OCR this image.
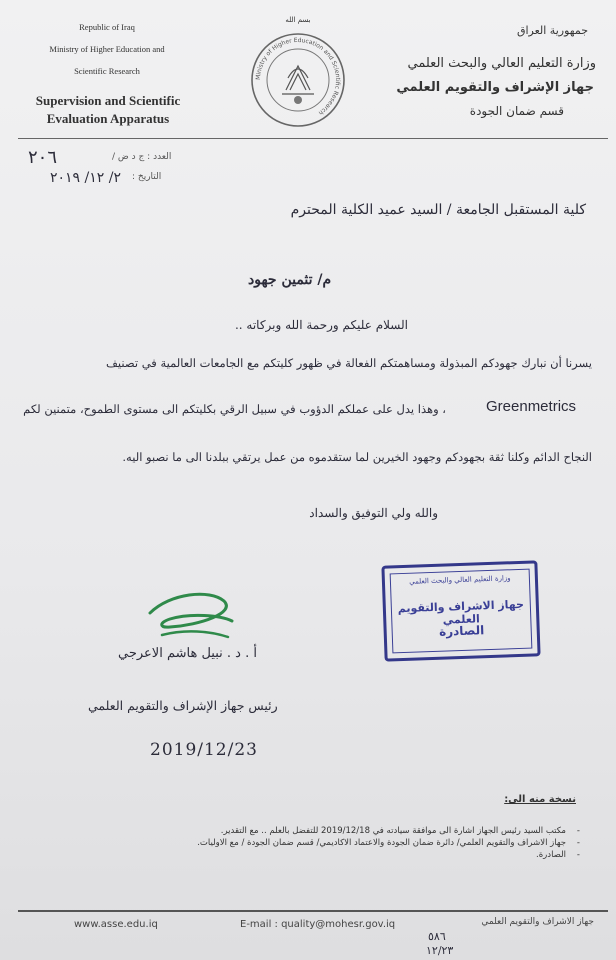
Republic of Iraq
Ministry of Higher Education and
Scientific Research
Supervision and Scientific
Evaluation Apparatus
بسم الله
Ministry of Higher Education and Scientific Research
جمهورية العراق
وزارة التعليم العالي والبحث العلمي
جهاز الإشراف والتقويم العلمي
قسم ضمان الجودة
العدد : ج د ض /
٢٠٦
التاريخ :
٢/ ١٢/ ٢٠١٩
كلية المستقبل الجامعة / السيد عميد الكلية المحترم
م/ تثمين جهود
السلام عليكم ورحمة الله وبركاته ..
يسرنا أن نبارك جهودكم المبذولة ومساهمتكم الفعالة في ظهور كليتكم مع الجامعات العالمية في تصنيف
، وهذا يدل على عملكم الدؤوب في سبيل الرقي بكليتكم الى مستوى الطموح، متمنين لكم	Greenmetrics
النجاح الدائم وكلنا ثقة بجهودكم وجهود الخيرين لما ستقدموه من عمل يرتقي ببلدنا الى ما نصبو اليه.
والله ولي التوفيق والسداد
أ . د . نبيل هاشم الاعرجي
رئيس جهاز الإشراف والتقويم العلمي
2019/12/23
وزارة التعليم العالي والبحث العلمي
جهاز الاشراف والتقويم العلمي
الصادرة
نسخة منه الى:
-
مكتب السيد رئيس الجهاز اشارة الى موافقة سيادته في 2019/12/18 للتفضل بالعلم .. مع التقدير.
-
جهاز الاشراف والتقويم العلمي/ دائرة ضمان الجودة والاعتماد الاكاديمي/ قسم ضمان الجودة / مع الاوليات.
-
الصادرة.
www.asse.edu.iq	E-mail : quality@mohesr.gov.iq	جهاز الاشراف والتقويم العلمي
٥٨٦
١٢/٢٣
